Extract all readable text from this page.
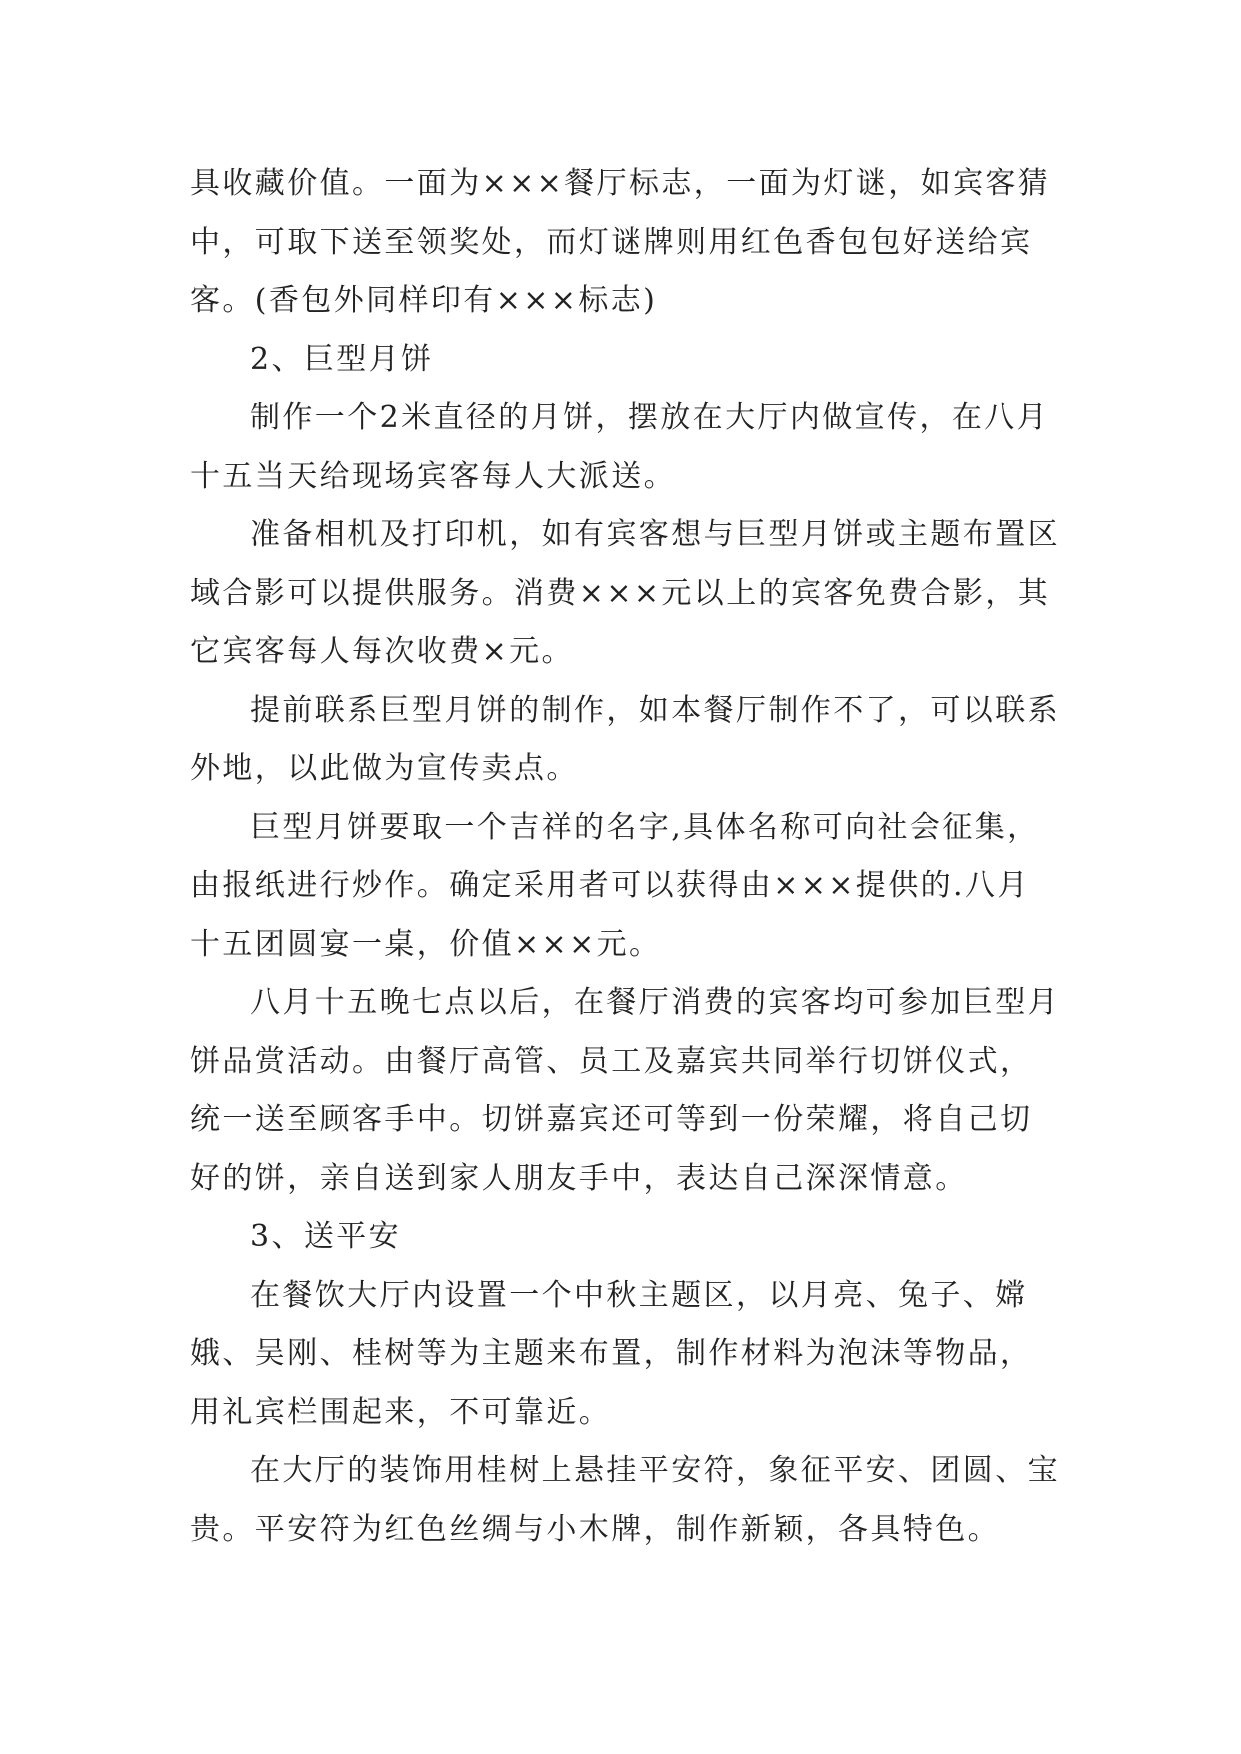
具收藏价值。一面为×××餐厅标志，一面为灯谜，如宾客猜中，可取下送至领奖处，而灯谜牌则用红色香包包好送给宾客。(香包外同样印有×××标志)

2、巨型月饼

制作一个2米直径的月饼，摆放在大厅内做宣传，在八月十五当天给现场宾客每人大派送。

准备相机及打印机，如有宾客想与巨型月饼或主题布置区域合影可以提供服务。消费×××元以上的宾客免费合影，其它宾客每人每次收费×元。

提前联系巨型月饼的制作，如本餐厅制作不了，可以联系外地，以此做为宣传卖点。

巨型月饼要取一个吉祥的名字,具体名称可向社会征集，由报纸进行炒作。确定采用者可以获得由×××提供的.八月十五团圆宴一桌，价值×××元。

八月十五晚七点以后，在餐厅消费的宾客均可参加巨型月饼品赏活动。由餐厅高管、员工及嘉宾共同举行切饼仪式，统一送至顾客手中。切饼嘉宾还可等到一份荣耀，将自己切好的饼，亲自送到家人朋友手中，表达自己深深情意。

3、送平安

在餐饮大厅内设置一个中秋主题区，以月亮、兔子、嫦娥、吴刚、桂树等为主题来布置，制作材料为泡沫等物品，用礼宾栏围起来，不可靠近。

在大厅的装饰用桂树上悬挂平安符，象征平安、团圆、宝贵。平安符为红色丝绸与小木牌，制作新颖，各具特色。
